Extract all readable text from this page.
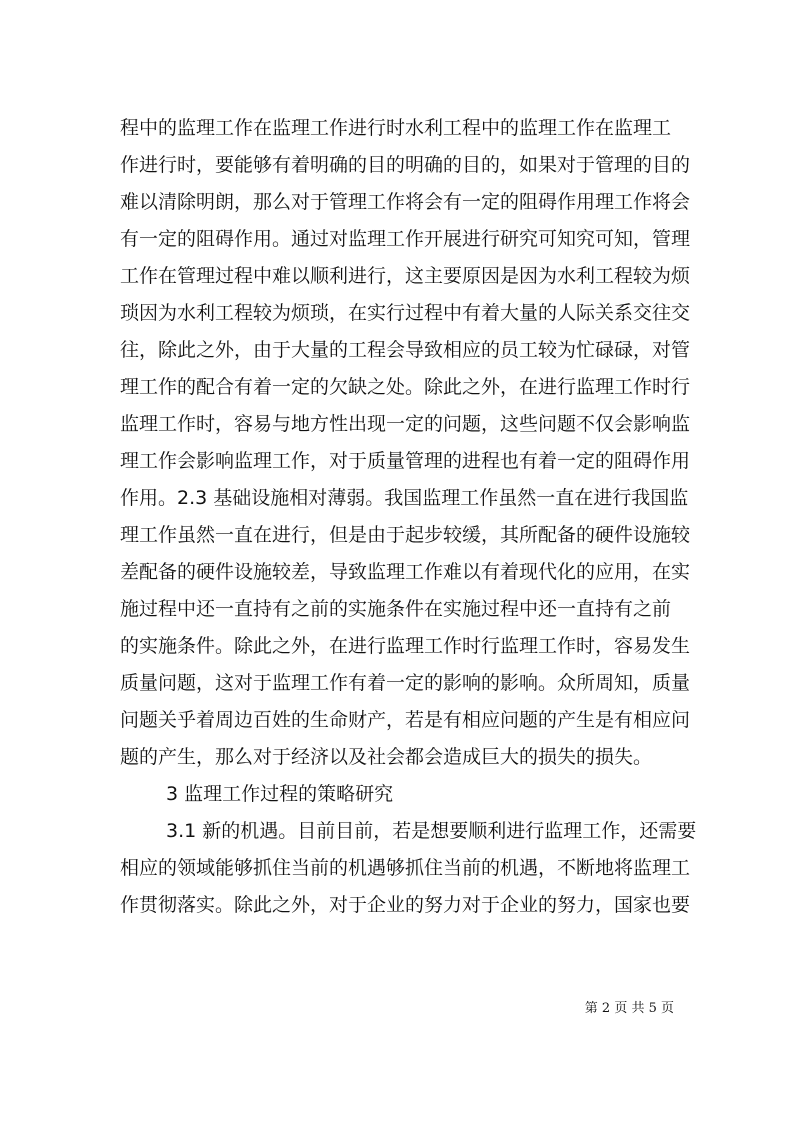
程中的监理工作在监理工作进行时水利工程中的监理工作在监理工
作进行时，要能够有着明确的目的明确的目的，如果对于管理的目的
难以清除明朗，那么对于管理工作将会有一定的阻碍作用理工作将会
有一定的阻碍作用。通过对监理工作开展进行研究可知究可知，管理
工作在管理过程中难以顺利进行，这主要原因是因为水利工程较为烦
琐因为水利工程较为烦琐，在实行过程中有着大量的人际关系交往交
往，除此之外，由于大量的工程会导致相应的员工较为忙碌碌，对管
理工作的配合有着一定的欠缺之处。除此之外，在进行监理工作时行
监理工作时，容易与地方性出现一定的问题，这些问题不仅会影响监
理工作会影响监理工作，对于质量管理的进程也有着一定的阻碍作用
作用。2.3 基础设施相对薄弱。我国监理工作虽然一直在进行我国监
理工作虽然一直在进行，但是由于起步较缓，其所配备的硬件设施较
差配备的硬件设施较差，导致监理工作难以有着现代化的应用，在实
施过程中还一直持有之前的实施条件在实施过程中还一直持有之前
的实施条件。除此之外，在进行监理工作时行监理工作时，容易发生
质量问题，这对于监理工作有着一定的影响的影响。众所周知，质量
问题关乎着周边百姓的生命财产，若是有相应问题的产生是有相应问
题的产生，那么对于经济以及社会都会造成巨大的损失的损失。
3 监理工作过程的策略研究
3.1 新的机遇。目前目前，若是想要顺利进行监理工作，还需要
相应的领域能够抓住当前的机遇够抓住当前的机遇，不断地将监理工
作贯彻落实。除此之外，对于企业的努力对于企业的努力，国家也要
第 2 页 共 5 页
